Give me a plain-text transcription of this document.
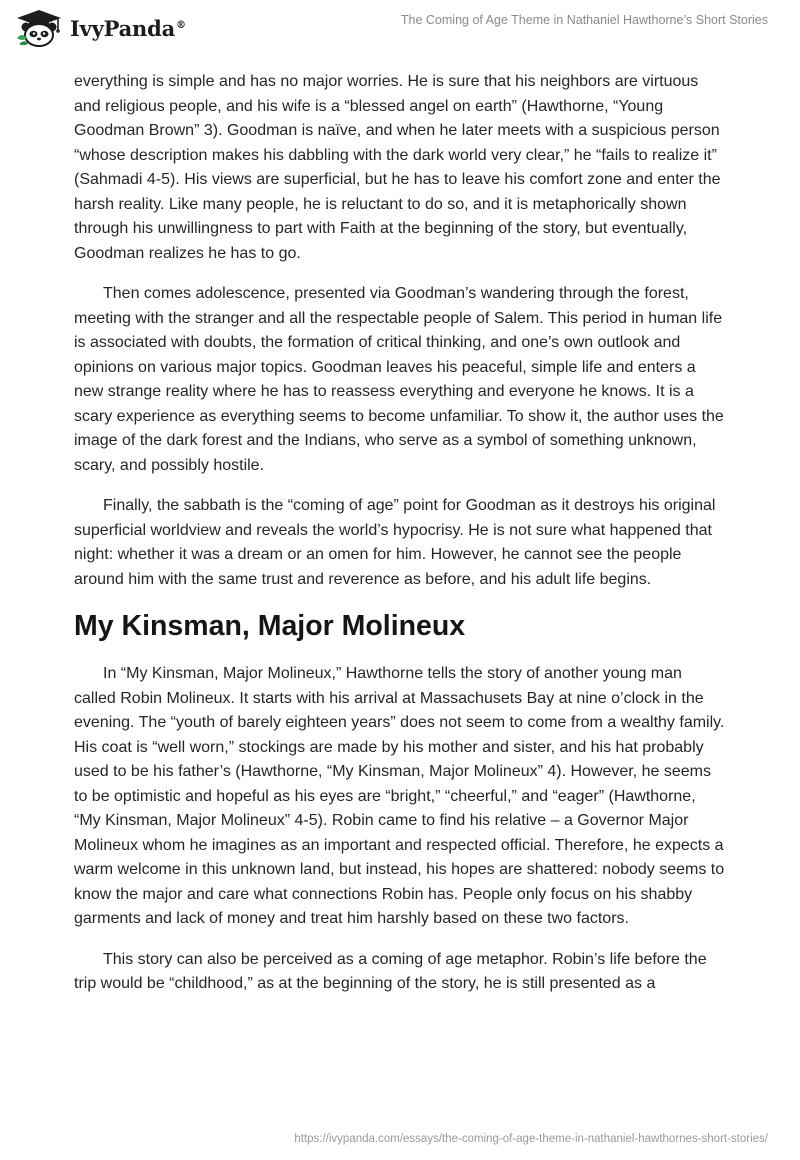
IvyPanda®	The Coming of Age Theme in Nathaniel Hawthorne’s Short Stories

everything is simple and has no major worries. He is sure that his neighbors are virtuous and religious people, and his wife is a “blessed angel on earth” (Hawthorne, “Young Goodman Brown” 3). Goodman is naïve, and when he later meets with a suspicious person “whose description makes his dabbling with the dark world very clear,” he “fails to realize it” (Sahmadi 4-5). His views are superficial, but he has to leave his comfort zone and enter the harsh reality. Like many people, he is reluctant to do so, and it is metaphorically shown through his unwillingness to part with Faith at the beginning of the story, but eventually, Goodman realizes he has to go.

Then comes adolescence, presented via Goodman’s wandering through the forest, meeting with the stranger and all the respectable people of Salem. This period in human life is associated with doubts, the formation of critical thinking, and one’s own outlook and opinions on various major topics. Goodman leaves his peaceful, simple life and enters a new strange reality where he has to reassess everything and everyone he knows. It is a scary experience as everything seems to become unfamiliar. To show it, the author uses the image of the dark forest and the Indians, who serve as a symbol of something unknown, scary, and possibly hostile.

Finally, the sabbath is the “coming of age” point for Goodman as it destroys his original superficial worldview and reveals the world’s hypocrisy. He is not sure what happened that night: whether it was a dream or an omen for him. However, he cannot see the people around him with the same trust and reverence as before, and his adult life begins.

My Kinsman, Major Molineux

In “My Kinsman, Major Molineux,” Hawthorne tells the story of another young man called Robin Molineux. It starts with his arrival at Massachusets Bay at nine o’clock in the evening. The “youth of barely eighteen years” does not seem to come from a wealthy family. His coat is “well worn,” stockings are made by his mother and sister, and his hat probably used to be his father’s (Hawthorne, “My Kinsman, Major Molineux” 4). However, he seems to be optimistic and hopeful as his eyes are “bright,” “cheerful,” and “eager” (Hawthorne, “My Kinsman, Major Molineux” 4-5). Robin came to find his relative – a Governor Major Molineux whom he imagines as an important and respected official. Therefore, he expects a warm welcome in this unknown land, but instead, his hopes are shattered: nobody seems to know the major and care what connections Robin has. People only focus on his shabby garments and lack of money and treat him harshly based on these two factors.

This story can also be perceived as a coming of age metaphor. Robin’s life before the trip would be “childhood,” as at the beginning of the story, he is still presented as a

https://ivypanda.com/essays/the-coming-of-age-theme-in-nathaniel-hawthornes-short-stories/
